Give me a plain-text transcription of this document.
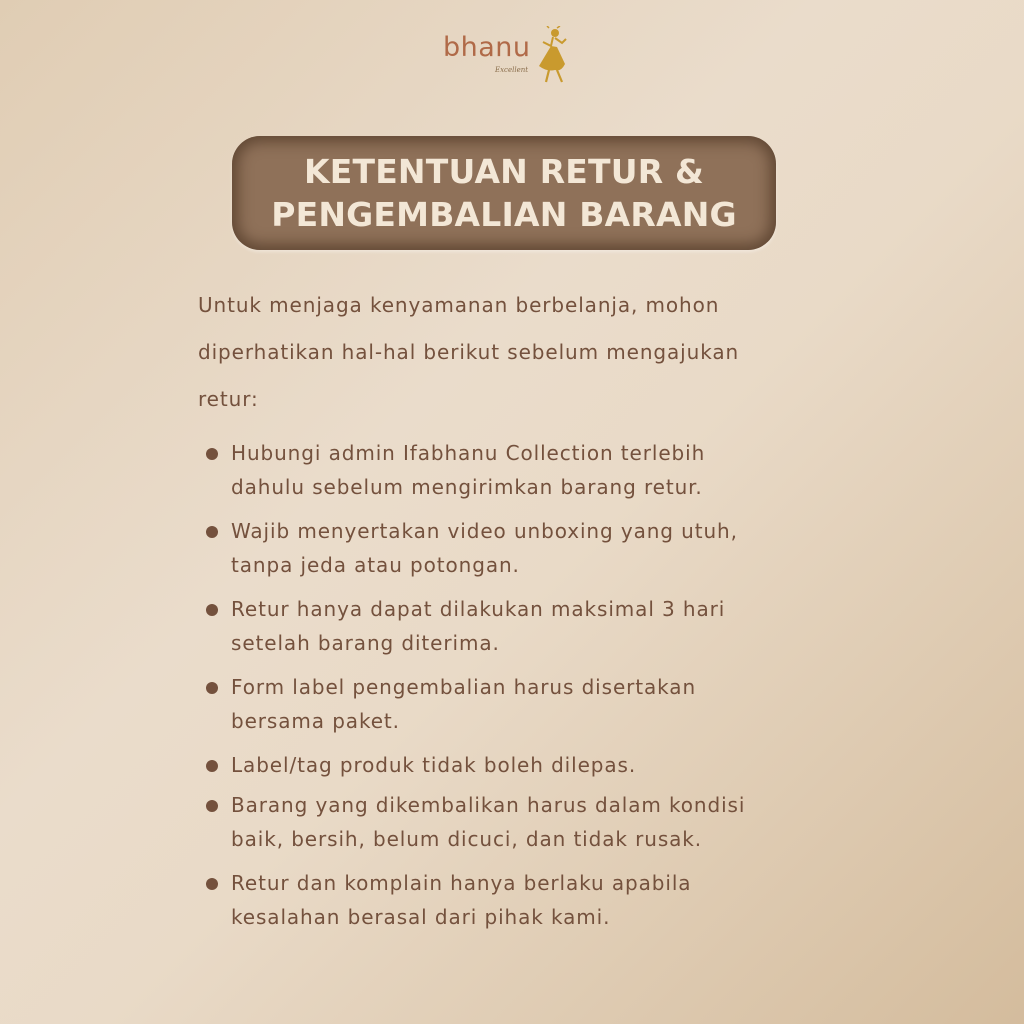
bhanu
Excellent
KETENTUAN RETUR &
PENGEMBALIAN BARANG

Untuk menjaga kenyamanan berbelanja, mohon
diperhatikan hal-hal berikut sebelum mengajukan
retur:

Hubungi admin Ifabhanu Collection terlebih
dahulu sebelum mengirimkan barang retur.
Wajib menyertakan video unboxing yang utuh,
tanpa jeda atau potongan.
Retur hanya dapat dilakukan maksimal 3 hari
setelah barang diterima.
Form label pengembalian harus disertakan
bersama paket.
Label/tag produk tidak boleh dilepas.
Barang yang dikembalikan harus dalam kondisi
baik, bersih, belum dicuci, dan tidak rusak.
Retur dan komplain hanya berlaku apabila
kesalahan berasal dari pihak kami.
